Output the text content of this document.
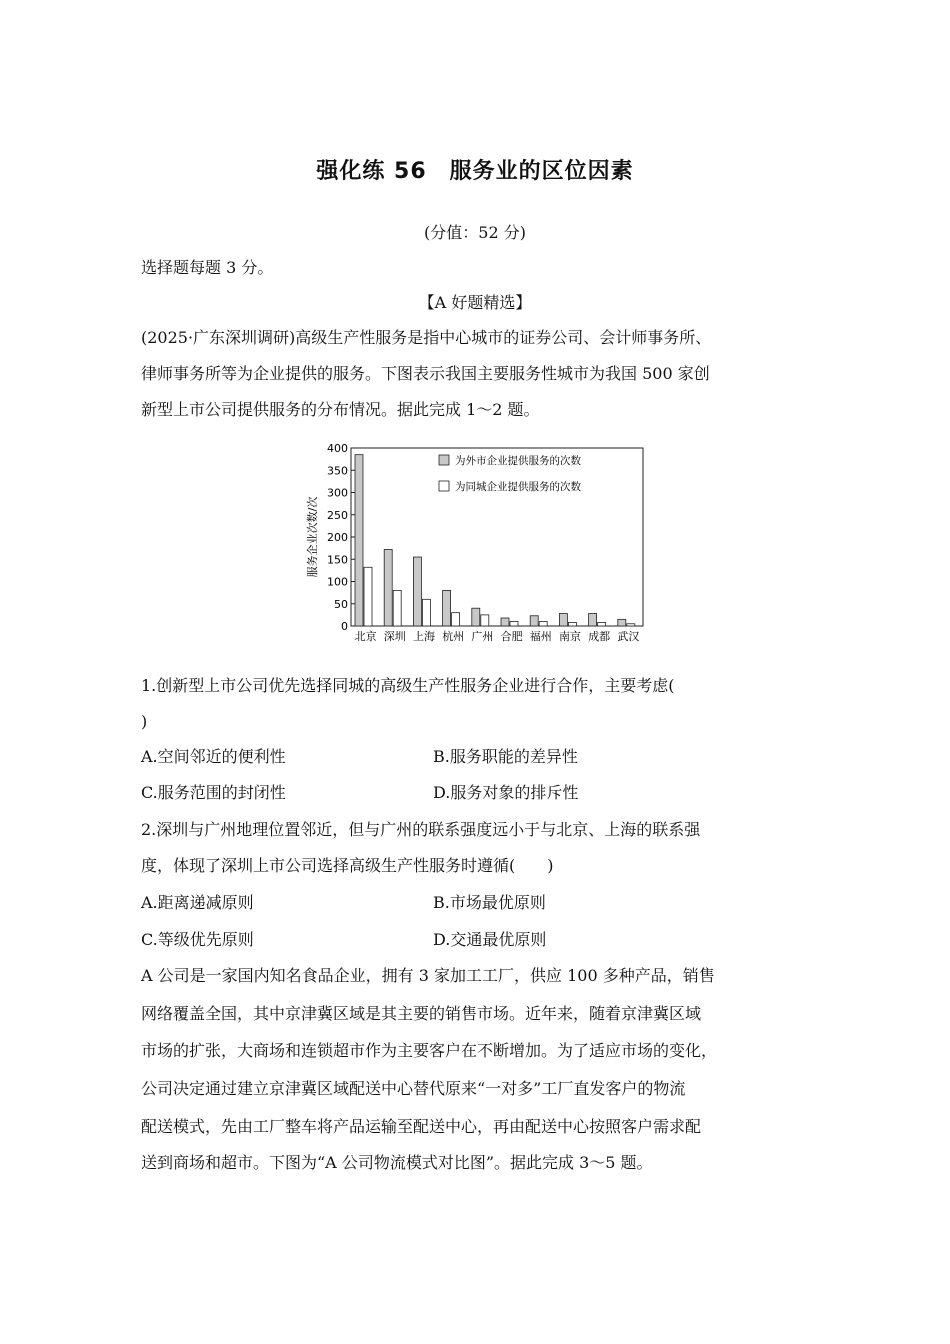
强化练 56　服务业的区位因素
(分值：52 分)
选择题每题 3 分。
【A 好题精选】
(2025·广东深圳调研)高级生产性服务是指中心城市的证券公司、会计师事务所、
律师事务所等为企业提供的服务。下图表示我国主要服务性城市为我国 500 家创
新型上市公司提供服务的分布情况。据此完成 1～2 题。
服务企业次数/次
0
50
100
150
200
250
300
350
400
北京 深圳 上海 杭州 广州 合肥 福州 南京 成都 武汉
为外市企业提供服务的次数
为同城企业提供服务的次数
1.创新型上市公司优先选择同城的高级生产性服务企业进行合作，主要考虑(
)
A.空间邻近的便利性	B.服务职能的差异性
C.服务范围的封闭性	D.服务对象的排斥性
2.深圳与广州地理位置邻近，但与广州的联系强度远小于与北京、上海的联系强
度，体现了深圳上市公司选择高级生产性服务时遵循(　　)
A.距离递减原则	B.市场最优原则
C.等级优先原则	D.交通最优原则
A 公司是一家国内知名食品企业，拥有 3 家加工工厂，供应 100 多种产品，销售
网络覆盖全国，其中京津冀区域是其主要的销售市场。近年来，随着京津冀区域
市场的扩张，大商场和连锁超市作为主要客户在不断增加。为了适应市场的变化，
公司决定通过建立京津冀区域配送中心替代原来“一对多”工厂直发客户的物流
配送模式，先由工厂整车将产品运输至配送中心，再由配送中心按照客户需求配
送到商场和超市。下图为“A 公司物流模式对比图”。据此完成 3～5 题。
